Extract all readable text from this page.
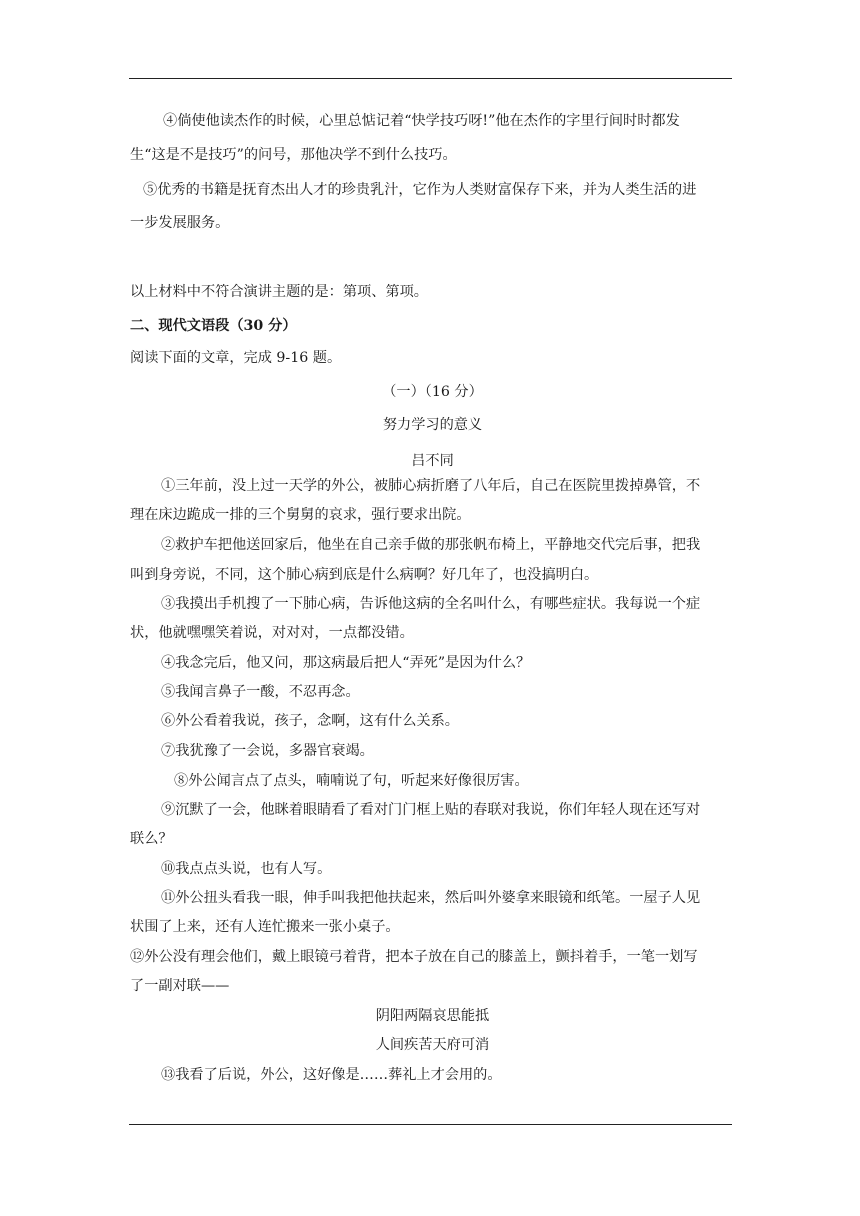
④倘使他读杰作的时候，心里总惦记着“快学技巧呀!”他在杰作的字里行间时时都发
生“这是不是技巧”的问号，那他决学不到什么技巧。
⑤优秀的书籍是抚育杰出人才的珍贵乳汁，它作为人类财富保存下来，并为人类生活的进
一步发展服务。
以上材料中不符合演讲主题的是：第项、第项。
二、现代文语段（30 分）
阅读下面的文章，完成 9-16 题。
（一）（16 分）
努力学习的意义
吕不同
①三年前，没上过一天学的外公，被肺心病折磨了八年后，自己在医院里拨掉鼻管，不
理在床边跪成一排的三个舅舅的哀求，强行要求出院。
②救护车把他送回家后，他坐在自己亲手做的那张帆布椅上，平静地交代完后事，把我
叫到身旁说，不同，这个肺心病到底是什么病啊？好几年了，也没搞明白。
③我摸出手机搜了一下肺心病，告诉他这病的全名叫什么，有哪些症状。我每说一个症
状，他就嘿嘿笑着说，对对对，一点都没错。
④我念完后，他又问，那这病最后把人“弄死”是因为什么？
⑤我闻言鼻子一酸，不忍再念。
⑥外公看着我说，孩子，念啊，这有什么关系。
⑦我犹豫了一会说，多器官衰竭。
⑧外公闻言点了点头，喃喃说了句，听起来好像很厉害。
⑨沉默了一会，他眯着眼睛看了看对门门框上贴的春联对我说，你们年轻人现在还写对
联么？
⑩我点点头说，也有人写。
⑪外公扭头看我一眼，伸手叫我把他扶起来，然后叫外婆拿来眼镜和纸笔。一屋子人见
状围了上来，还有人连忙搬来一张小桌子。
⑫外公没有理会他们，戴上眼镜弓着背，把本子放在自己的膝盖上，颤抖着手，一笔一划写
了一副对联——
阴阳两隔哀思能抵
人间疾苦天府可消
⑬我看了后说，外公，这好像是……葬礼上才会用的。
